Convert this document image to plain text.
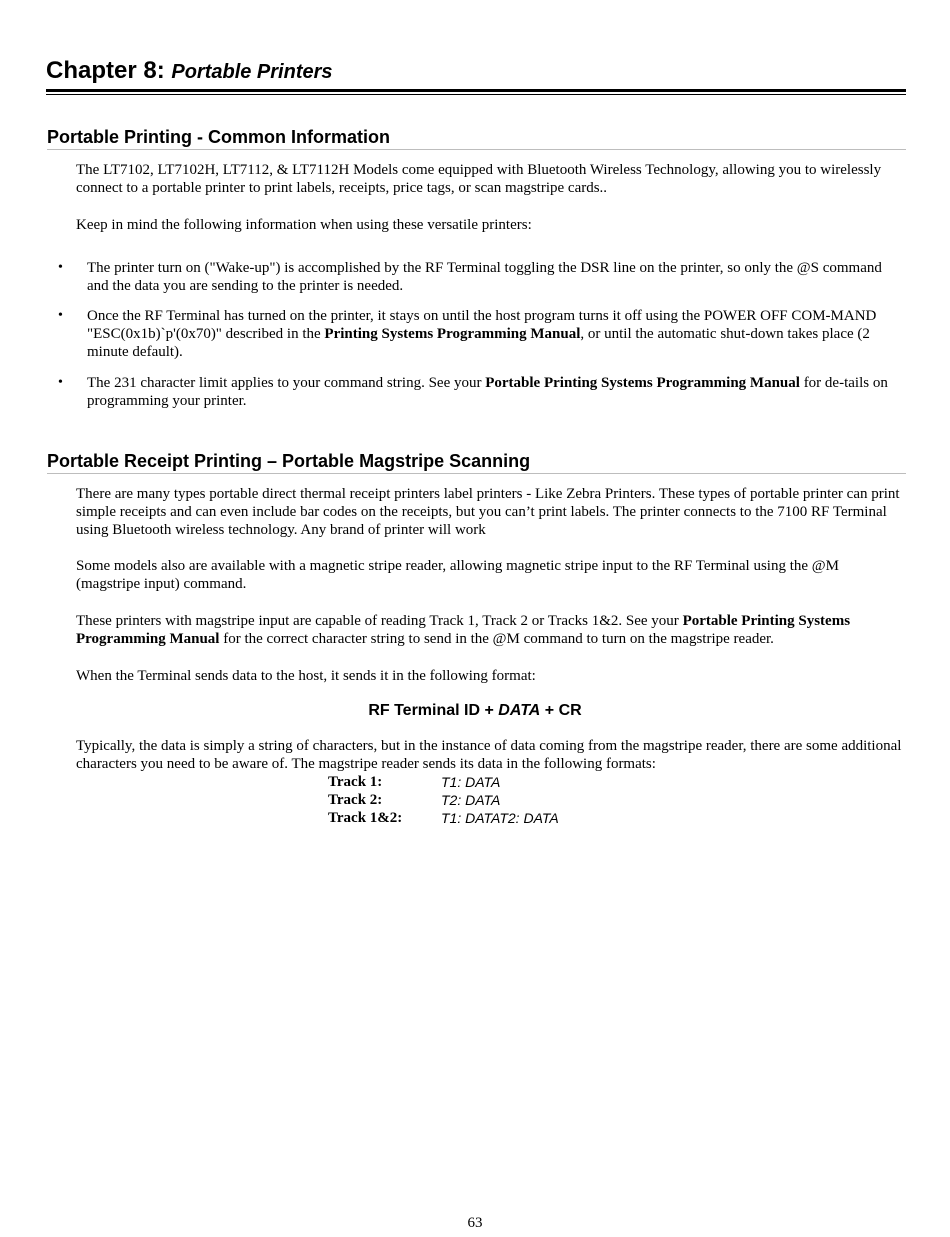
Chapter 8: Portable Printers
Portable Printing - Common Information
The LT7102, LT7102H, LT7112, & LT7112H Models come equipped with Bluetooth Wireless Technology, allowing you to wirelessly connect to a portable printer to print labels, receipts, price tags, or scan magstripe cards..
Keep in mind the following information when using these versatile printers:
• The printer turn on ("Wake-up") is accomplished by the RF Terminal toggling the DSR line on the printer, so only the @S command and the data you are sending to the printer is needed.
• Once the RF Terminal has turned on the printer, it stays on until the host program turns it off using the POWER OFF COM-MAND "ESC(0x1b)`p'(0x70)" described in the Printing Systems Programming Manual, or until the automatic shut-down takes place (2 minute default).
• The 231 character limit applies to your command string. See your Portable Printing Systems Programming Manual for de-tails on programming your printer.
Portable Receipt Printing – Portable Magstripe Scanning
There are many types portable direct thermal receipt printers label printers - Like Zebra Printers. These types of portable printer can print simple receipts and can even include bar codes on the receipts, but you can’t print labels. The printer connects to the 7100 RF Terminal using Bluetooth wireless technology. Any brand of printer will work
Some models also are available with a magnetic stripe reader, allowing magnetic stripe input to the RF Terminal using the @M (magstripe input) command.
These printers with magstripe input are capable of reading Track 1, Track 2 or Tracks 1&2. See your Portable Printing Systems Programming Manual for the correct character string to send in the @M command to turn on the magstripe reader.
When the Terminal sends data to the host, it sends it in the following format:
RF Terminal ID + DATA + CR
Typically, the data is simply a string of characters, but in the instance of data coming from the magstripe reader, there are some additional characters you need to be aware of. The magstripe reader sends its data in the following formats:
Track 1:	T1: DATA
Track 2:	T2: DATA
Track 1&2:	T1: DATAT2: DATA
63
